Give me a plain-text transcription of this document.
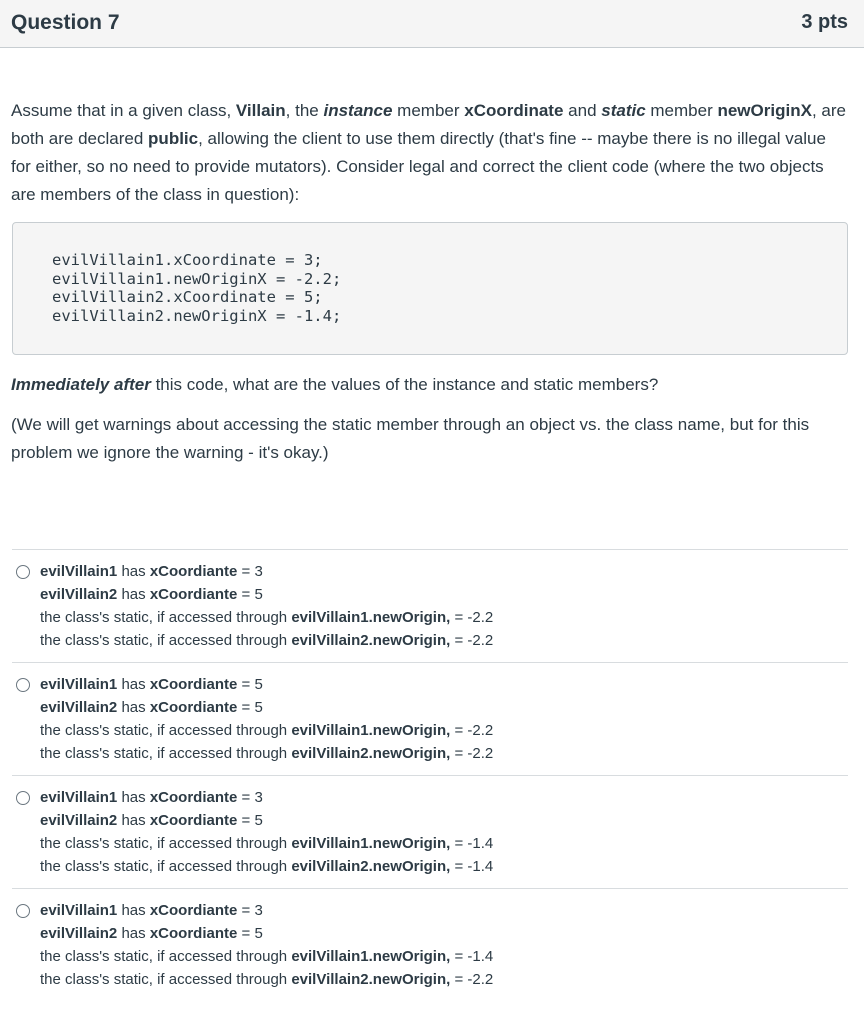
Question 7	3 pts
Assume that in a given class, Villain, the instance member xCoordinate and static member newOriginX, are both are declared public, allowing the client to use them directly (that's fine -- maybe there is no illegal value for either, so no need to provide mutators). Consider legal and correct the client code (where the two objects are members of the class in question):
evilVillain1.xCoordinate = 3;
evilVillain1.newOriginX = -2.2;
evilVillain2.xCoordinate = 5;
evilVillain2.newOriginX = -1.4;
Immediately after this code, what are the values of the instance and static members?
(We will get warnings about accessing the static member through an object vs. the class name, but for this problem we ignore the warning - it's okay.)
evilVillain1 has xCoordiante = 3
evilVillain2 has xCoordiante = 5
the class's static, if accessed through evilVillain1.newOrigin, = -2.2
the class's static, if accessed through evilVillain2.newOrigin, = -2.2
evilVillain1 has xCoordiante = 5
evilVillain2 has xCoordiante = 5
the class's static, if accessed through evilVillain1.newOrigin, = -2.2
the class's static, if accessed through evilVillain2.newOrigin, = -2.2
evilVillain1 has xCoordiante = 3
evilVillain2 has xCoordiante = 5
the class's static, if accessed through evilVillain1.newOrigin, = -1.4
the class's static, if accessed through evilVillain2.newOrigin, = -1.4
evilVillain1 has xCoordiante = 3
evilVillain2 has xCoordiante = 5
the class's static, if accessed through evilVillain1.newOrigin, = -1.4
the class's static, if accessed through evilVillain2.newOrigin, = -2.2
